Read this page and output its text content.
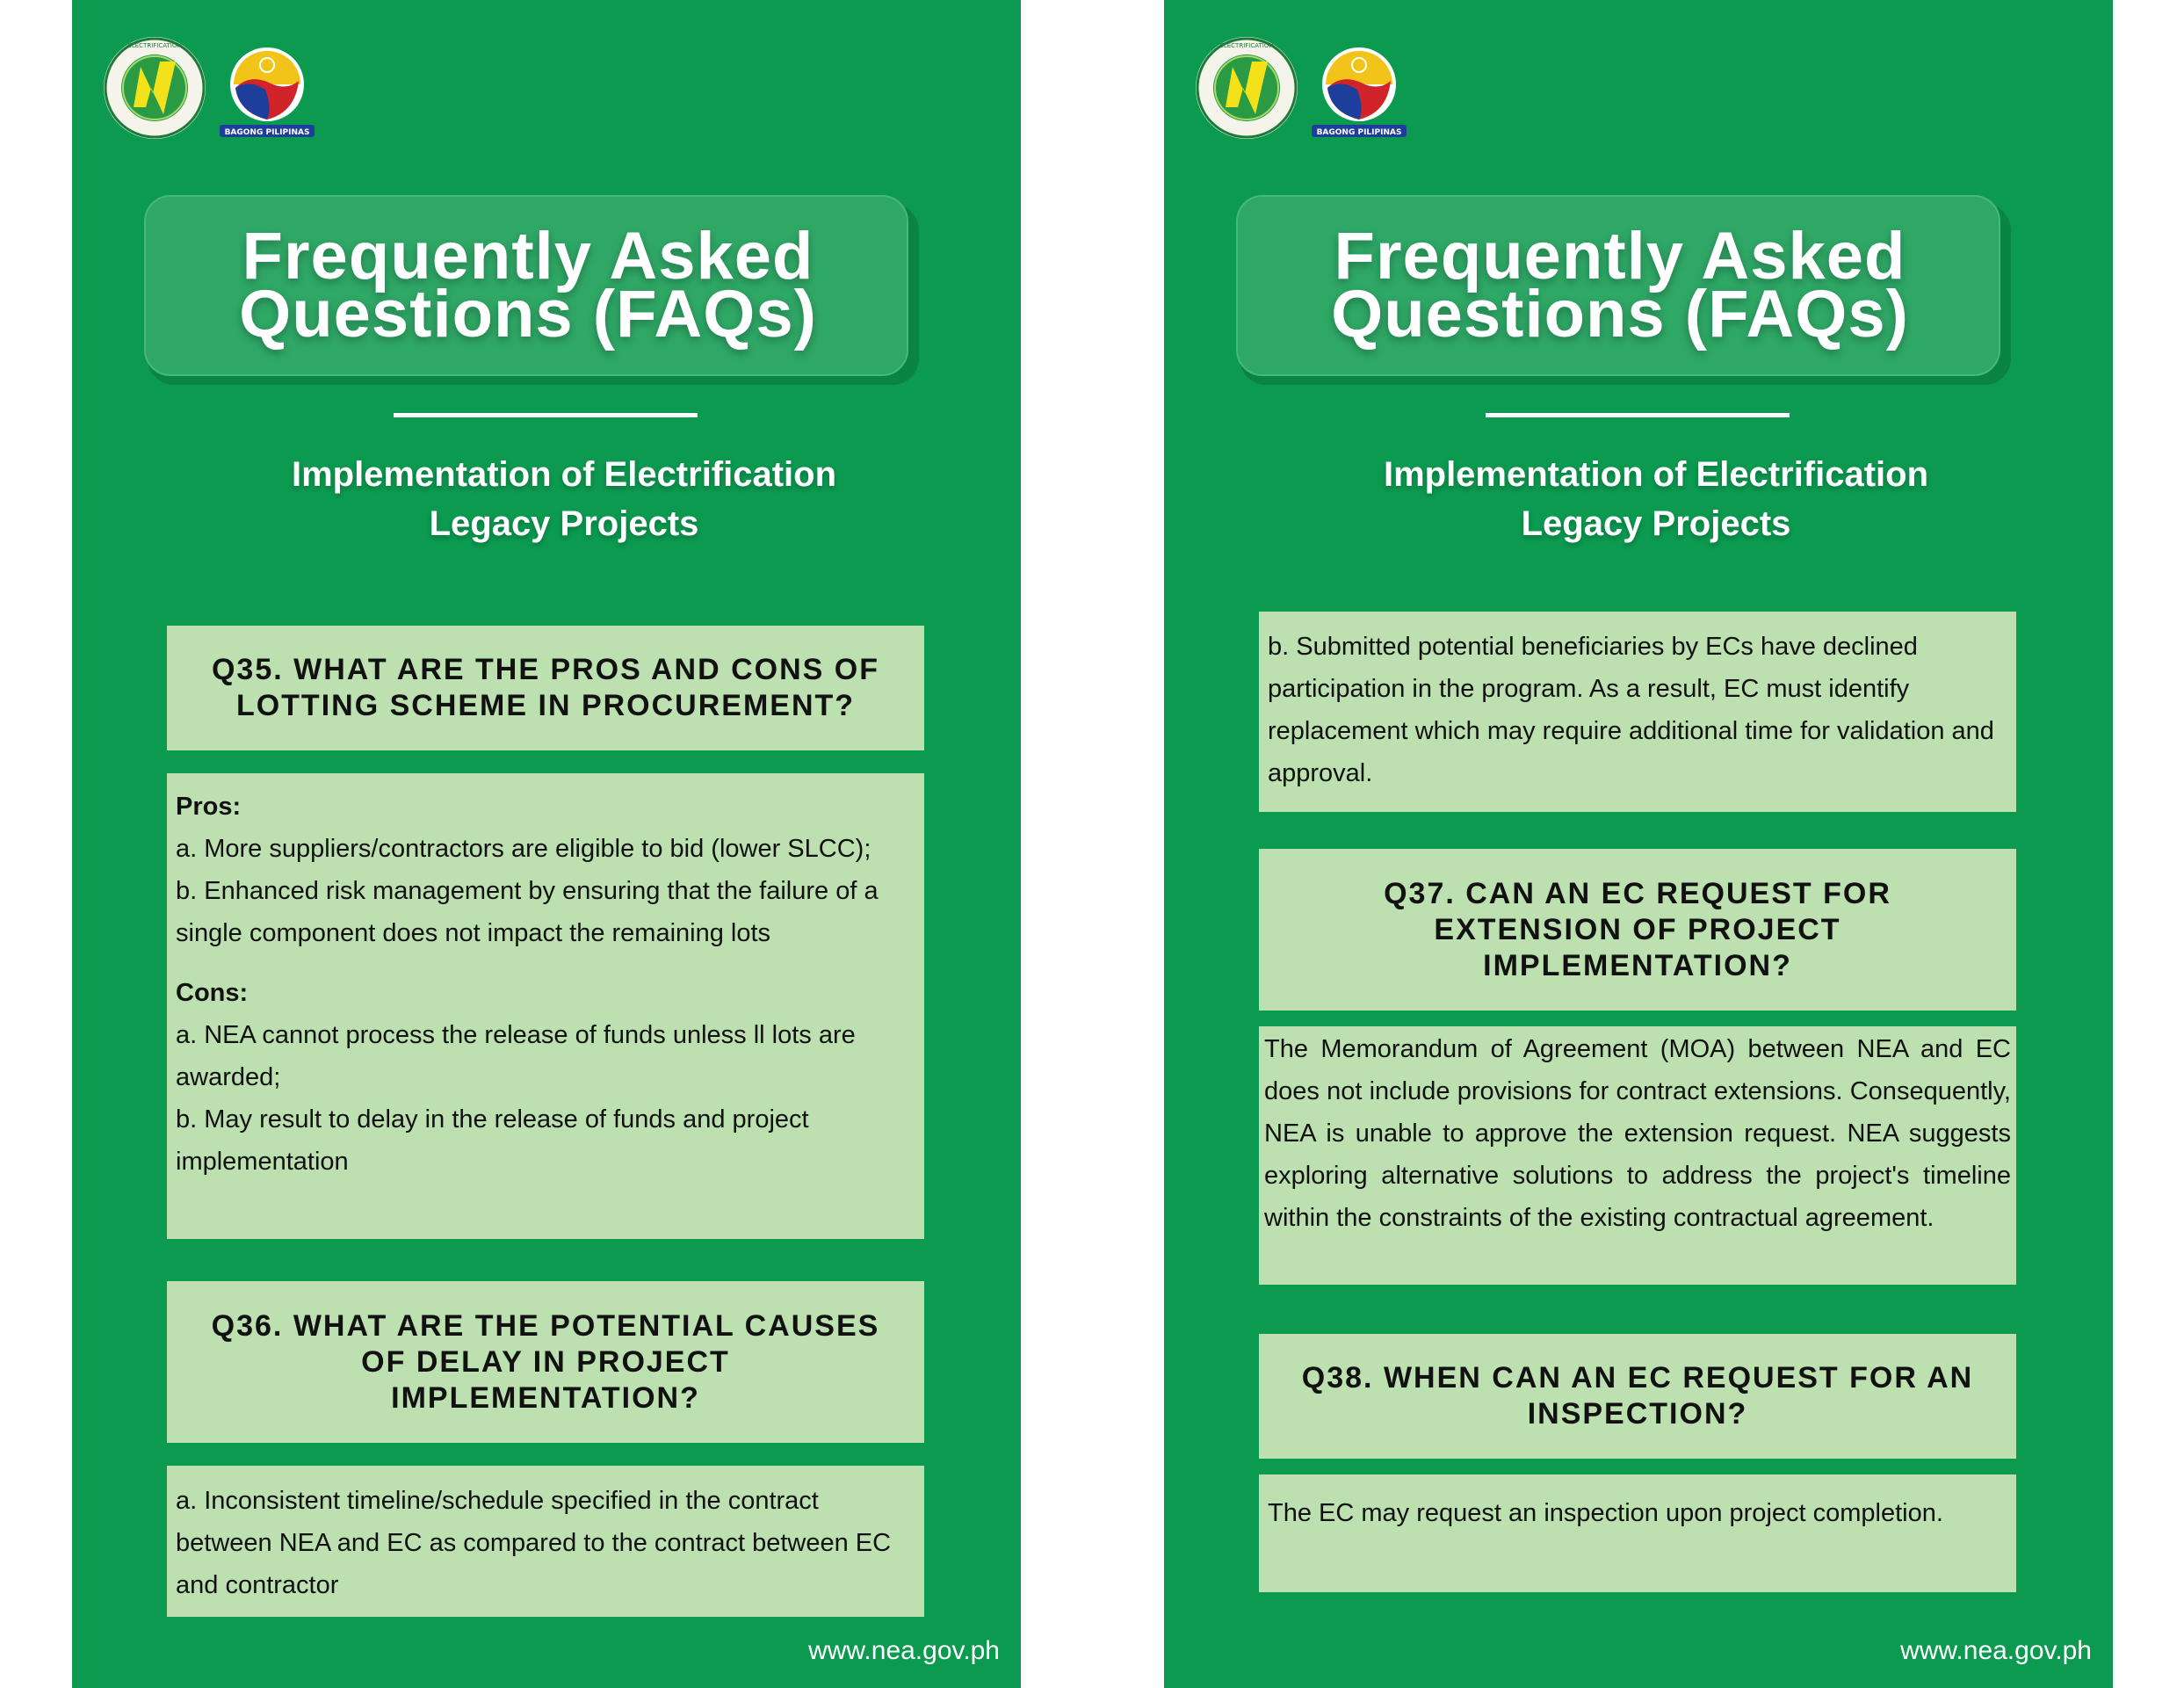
ELECTRIFICATION
BAGONG PILIPINAS
Frequently Asked
Questions (FAQs)
Implementation of Electrification
Legacy Projects
Q35. WHAT ARE THE PROS AND CONS OF
LOTTING SCHEME IN PROCUREMENT?
Pros:
a. More suppliers/contractors are eligible to bid (lower SLCC);
b. Enhanced risk management by ensuring that the failure of a single component does not impact the remaining lots
Cons:
a. NEA cannot process the release of funds unless ll lots are awarded;
b. May result to delay in the release of funds and project implementation
Q36. WHAT ARE THE POTENTIAL CAUSES
OF DELAY IN PROJECT
IMPLEMENTATION?
a. Inconsistent timeline/schedule specified in the contract between NEA and EC as compared to the contract between EC and contractor
www.nea.gov.ph
ELECTRIFICATION
BAGONG PILIPINAS
Frequently Asked
Questions (FAQs)
Implementation of Electrification
Legacy Projects
b. Submitted potential beneficiaries by ECs have declined participation in the program. As a result, EC must identify replacement which may require additional time for validation and approval.
Q37. CAN AN EC REQUEST FOR
EXTENSION OF PROJECT
IMPLEMENTATION?
The Memorandum of Agreement (MOA) between NEA and EC does not include provisions for contract extensions. Consequently, NEA is unable to approve the extension request. NEA suggests exploring alternative solutions to address the project's timeline within the constraints of the existing contractual agreement.
Q38. WHEN CAN AN EC REQUEST FOR AN
INSPECTION?
The EC may request an inspection upon project completion.
www.nea.gov.ph
